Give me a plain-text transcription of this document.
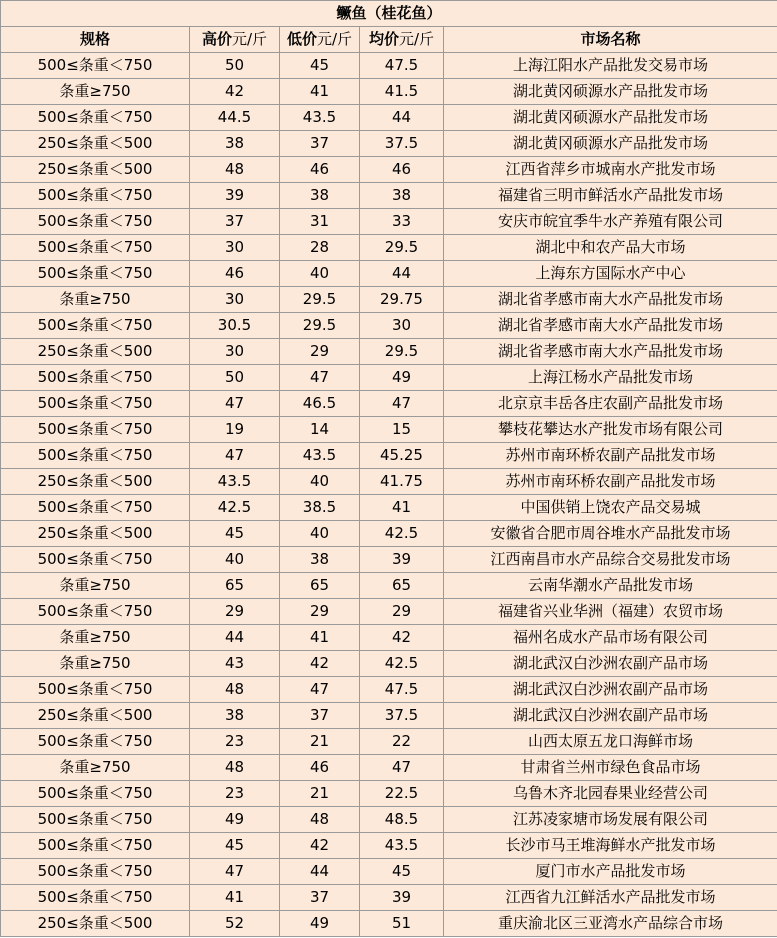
鳜鱼（桂花鱼）				
规格	高价元/斤	低价元/斤	均价元/斤	市场名称
500≤条重＜750	50	45	47.5	上海江阳水产品批发交易市场
条重≥750	42	41	41.5	湖北黄冈硕源水产品批发市场
500≤条重＜750	44.5	43.5	44	湖北黄冈硕源水产品批发市场
250≤条重＜500	38	37	37.5	湖北黄冈硕源水产品批发市场
250≤条重＜500	48	46	46	江西省萍乡市城南水产批发市场
500≤条重＜750	39	38	38	福建省三明市鲜活水产品批发市场
500≤条重＜750	37	31	33	安庆市皖宜季牛水产养殖有限公司
500≤条重＜750	30	28	29.5	湖北中和农产品大市场
500≤条重＜750	46	40	44	上海东方国际水产中心
条重≥750	30	29.5	29.75	湖北省孝感市南大水产品批发市场
500≤条重＜750	30.5	29.5	30	湖北省孝感市南大水产品批发市场
250≤条重＜500	30	29	29.5	湖北省孝感市南大水产品批发市场
500≤条重＜750	50	47	49	上海江杨水产品批发市场
500≤条重＜750	47	46.5	47	北京京丰岳各庄农副产品批发市场
500≤条重＜750	19	14	15	攀枝花攀达水产批发市场有限公司
500≤条重＜750	47	43.5	45.25	苏州市南环桥农副产品批发市场
250≤条重＜500	43.5	40	41.75	苏州市南环桥农副产品批发市场
500≤条重＜750	42.5	38.5	41	中国供销上饶农产品交易城
250≤条重＜500	45	40	42.5	安徽省合肥市周谷堆水产品批发市场
500≤条重＜750	40	38	39	江西南昌市水产品综合交易批发市场
条重≥750	65	65	65	云南华潮水产品批发市场
500≤条重＜750	29	29	29	福建省兴业华洲（福建）农贸市场
条重≥750	44	41	42	福州名成水产品市场有限公司
条重≥750	43	42	42.5	湖北武汉白沙洲农副产品市场
500≤条重＜750	48	47	47.5	湖北武汉白沙洲农副产品市场
250≤条重＜500	38	37	37.5	湖北武汉白沙洲农副产品市场
500≤条重＜750	23	21	22	山西太原五龙口海鲜市场
条重≥750	48	46	47	甘肃省兰州市绿色食品市场
500≤条重＜750	23	21	22.5	乌鲁木齐北园春果业经营公司
500≤条重＜750	49	48	48.5	江苏凌家塘市场发展有限公司
500≤条重＜750	45	42	43.5	长沙市马王堆海鲜水产批发市场
500≤条重＜750	47	44	45	厦门市水产品批发市场
500≤条重＜750	41	37	39	江西省九江鲜活水产品批发市场
250≤条重＜500	52	49	51	重庆渝北区三亚湾水产品综合市场
